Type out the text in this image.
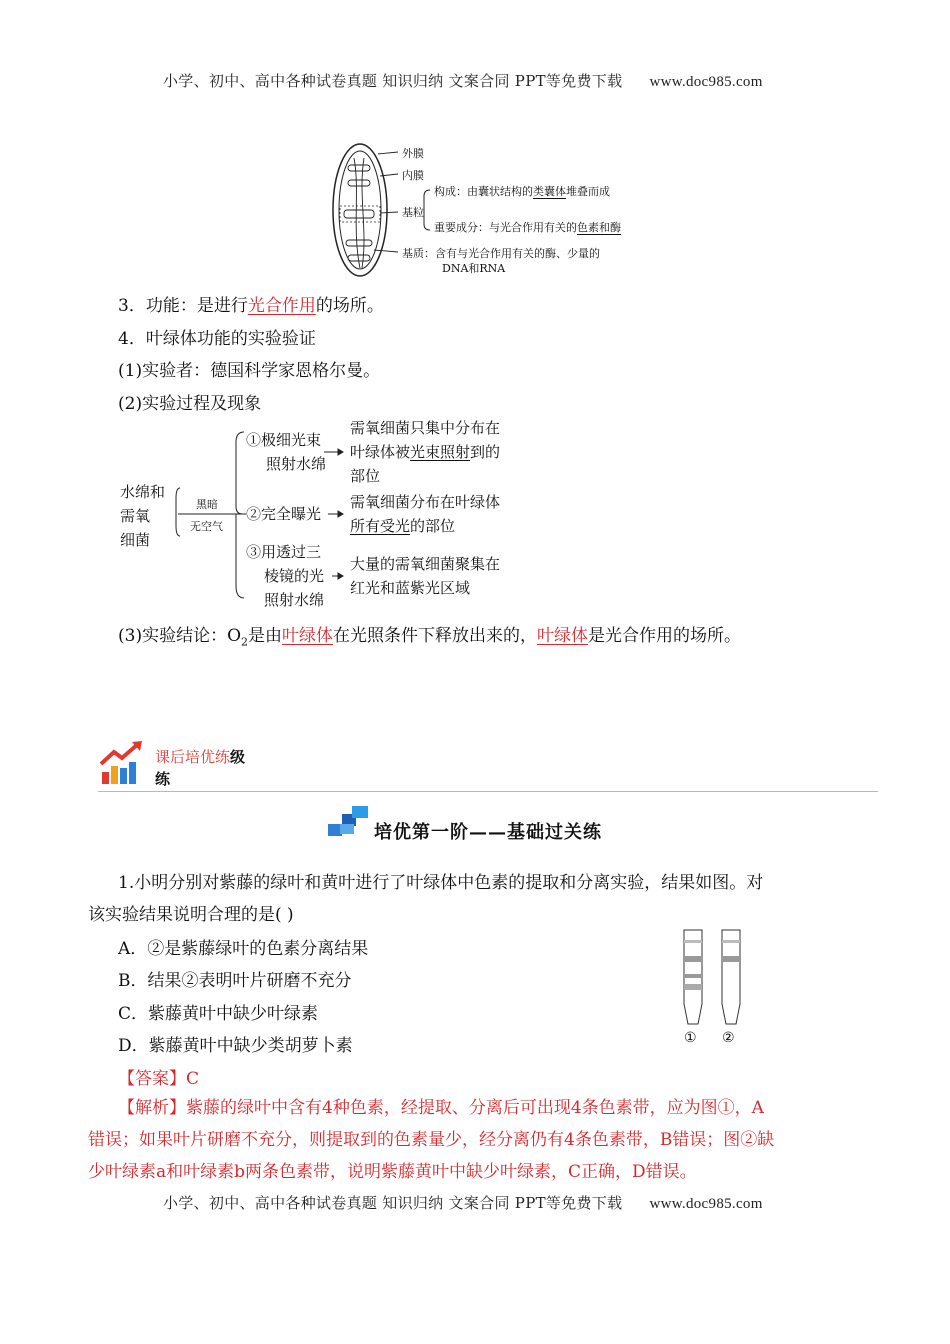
小学、初中、高中各种试卷真题 知识归纳 文案合同 PPT等免费下载 www.doc985.com
外膜
内膜
基粒
构成：由囊状结构的类囊体堆叠而成
重要成分：与光合作用有关的色素和酶
基质：含有与光合作用有关的酶、少量的
DNA和RNA
3．功能：是进行光合作用的场所。
4．叶绿体功能的实验验证
(1)实验者：德国科学家恩格尔曼。
(2)实验过程及现象
水绵和
需氧
细菌
黑暗
无空气
①极细光束
照射水绵
需氧细菌只集中分布在
叶绿体被光束照射到的
部位
②完全曝光
需氧细菌分布在叶绿体
所有受光的部位
③用透过三
棱镜的光
照射水绵
大量的需氧细菌聚集在
红光和蓝紫光区域
(3)实验结论：$O_2$是由叶绿体在光照条件下释放出来的，叶绿体是光合作用的场所。
课后培优练级
练
培优第一阶——基础过关练
1.小明分别对紫藤的绿叶和黄叶进行了叶绿体中色素的提取和分离实验，结果如图。对
该实验结果说明合理的是( )
A．②是紫藤绿叶的色素分离结果
B．结果②表明叶片研磨不充分
C．紫藤黄叶中缺少叶绿素
D．紫藤黄叶中缺少类胡萝卜素	① ②
【答案】C
【解析】紫藤的绿叶中含有4种色素，经提取、分离后可出现4条色素带，应为图①，A
错误；如果叶片研磨不充分，则提取到的色素量少，经分离仍有4条色素带，B错误；图②缺
少叶绿素a和叶绿素b两条色素带，说明紫藤黄叶中缺少叶绿素，C正确，D错误。
小学、初中、高中各种试卷真题 知识归纳 文案合同 PPT等免费下载 www.doc985.com
